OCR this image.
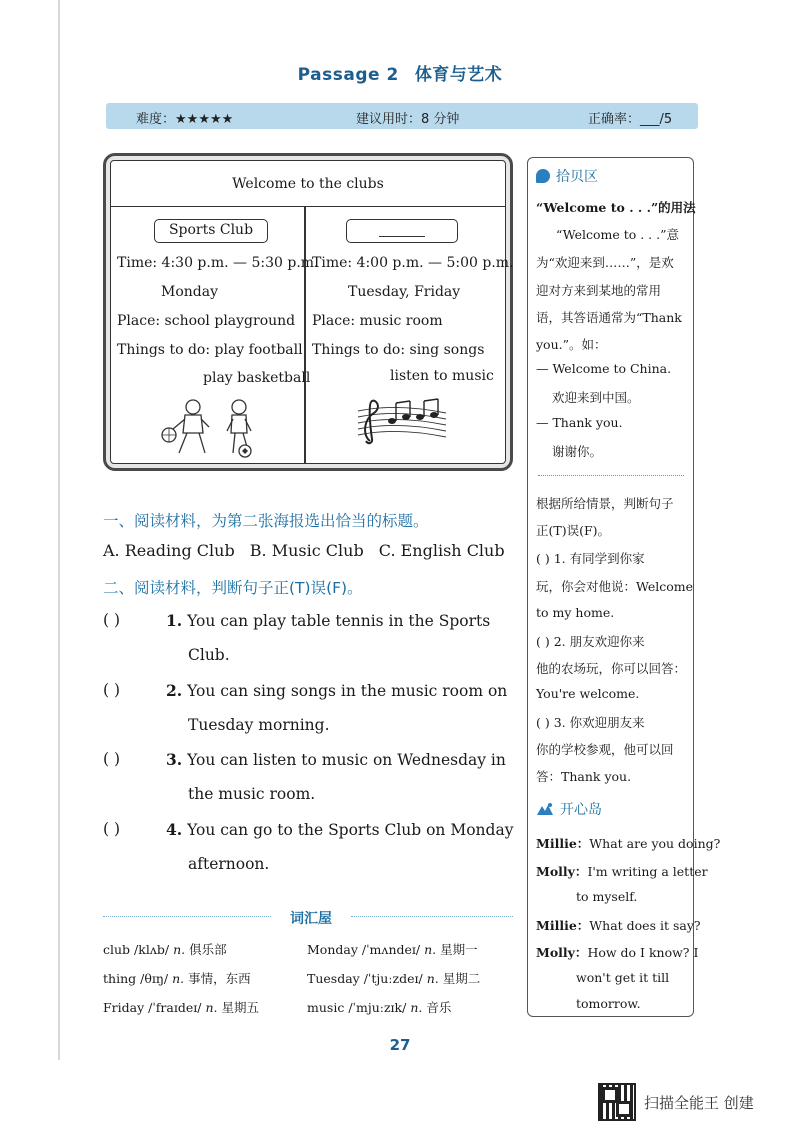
Passage 2 体育与艺术
难度：★★★★★	建议用时：8 分钟	正确率：___/5
Welcome to the clubs
Sports Club
Time: 4:30 p.m. — 5:30 p.m.
Monday
Place: school playground
Things to do: play football
play basketball
Time: 4:00 p.m. — 5:00 p.m.
Tuesday, Friday
Place: music room
Things to do: sing songs
listen to music
一、阅读材料，为第二张海报选出恰当的标题。
A. Reading Club B. Music Club C. English Club
二、阅读材料，判断句子正(T)误(F)。
( )	1. You can play table tennis in the Sports
Club.
( )	2. You can sing songs in the music room on
Tuesday morning.
( )	3. You can listen to music on Wednesday in
the music room.
( )	4. You can go to the Sports Club on Monday
afternoon.
词汇屋
club /klʌb/ n. 俱乐部	Monday /ˈmʌndeɪ/ n. 星期一
thing /θɪŋ/ n. 事情，东西	Tuesday /ˈtjuːzdeɪ/ n. 星期二
Friday /ˈfraɪdeɪ/ n. 星期五	music /ˈmjuːzɪk/ n. 音乐
27
拾贝区
“Welcome to . . .”的用法
“Welcome to . . .”意
为“欢迎来到……”，是欢
迎对方来到某地的常用
语，其答语通常为“Thank
you.”。如：
— Welcome to China.
欢迎来到中国。
— Thank you.
谢谢你。
根据所给情景，判断句子
正(T)误(F)。
( ) 1. 有同学到你家
玩，你会对他说：Welcome
to my home.
( ) 2. 朋友欢迎你来
他的农场玩，你可以回答：
You're welcome.
( ) 3. 你欢迎朋友来
你的学校参观，他可以回
答：Thank you.
开心岛
Millie：What are you doing?
Molly：I'm writing a letter
to myself.
Millie：What does it say?
Molly：How do I know? I
won't get it till
tomorrow.
扫描全能王 创建
